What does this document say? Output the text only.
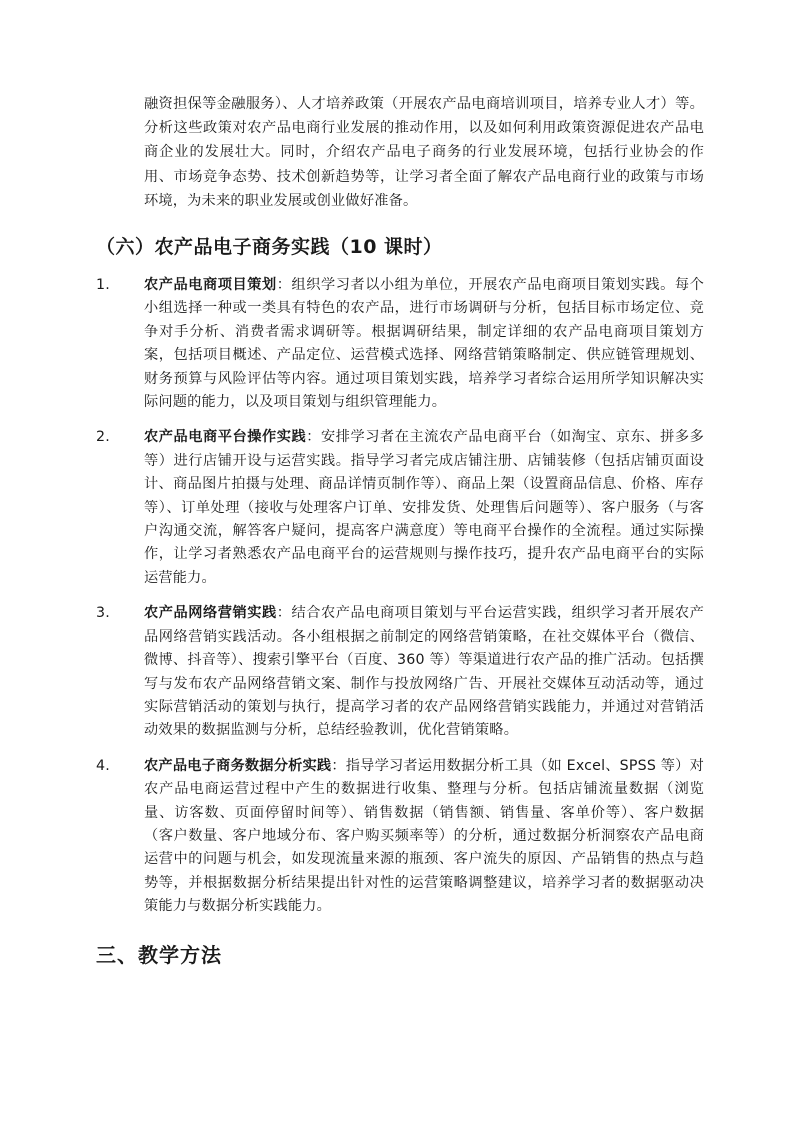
融资担保等金融服务）、人才培养政策（开展农产品电商培训项目，培养专业人才）等。分析这些政策对农产品电商行业发展的推动作用，以及如何利用政策资源促进农产品电商企业的发展壮大。同时，介绍农产品电子商务的行业发展环境，包括行业协会的作用、市场竞争态势、技术创新趋势等，让学习者全面了解农产品电商行业的政策与市场环境，为未来的职业发展或创业做好准备。

（六）农产品电子商务实践（10 课时）
1.	农产品电商项目策划：组织学习者以小组为单位，开展农产品电商项目策划实践。每个小组选择一种或一类具有特色的农产品，进行市场调研与分析，包括目标市场定位、竞争对手分析、消费者需求调研等。根据调研结果，制定详细的农产品电商项目策划方案，包括项目概述、产品定位、运营模式选择、网络营销策略制定、供应链管理规划、财务预算与风险评估等内容。通过项目策划实践，培养学习者综合运用所学知识解决实际问题的能力，以及项目策划与组织管理能力。
2.	农产品电商平台操作实践：安排学习者在主流农产品电商平台（如淘宝、京东、拼多多等）进行店铺开设与运营实践。指导学习者完成店铺注册、店铺装修（包括店铺页面设计、商品图片拍摄与处理、商品详情页制作等）、商品上架（设置商品信息、价格、库存等）、订单处理（接收与处理客户订单、安排发货、处理售后问题等）、客户服务（与客户沟通交流，解答客户疑问，提高客户满意度）等电商平台操作的全流程。通过实际操作，让学习者熟悉农产品电商平台的运营规则与操作技巧，提升农产品电商平台的实际运营能力。
3.	农产品网络营销实践：结合农产品电商项目策划与平台运营实践，组织学习者开展农产品网络营销实践活动。各小组根据之前制定的网络营销策略，在社交媒体平台（微信、微博、抖音等）、搜索引擎平台（百度、360 等）等渠道进行农产品的推广活动。包括撰写与发布农产品网络营销文案、制作与投放网络广告、开展社交媒体互动活动等，通过实际营销活动的策划与执行，提高学习者的农产品网络营销实践能力，并通过对营销活动效果的数据监测与分析，总结经验教训，优化营销策略。
4.	农产品电子商务数据分析实践：指导学习者运用数据分析工具（如 Excel、SPSS 等）对农产品电商运营过程中产生的数据进行收集、整理与分析。包括店铺流量数据（浏览量、访客数、页面停留时间等）、销售数据（销售额、销售量、客单价等）、客户数据（客户数量、客户地域分布、客户购买频率等）的分析，通过数据分析洞察农产品电商运营中的问题与机会，如发现流量来源的瓶颈、客户流失的原因、产品销售的热点与趋势等，并根据数据分析结果提出针对性的运营策略调整建议，培养学习者的数据驱动决策能力与数据分析实践能力。
三、教学方法
